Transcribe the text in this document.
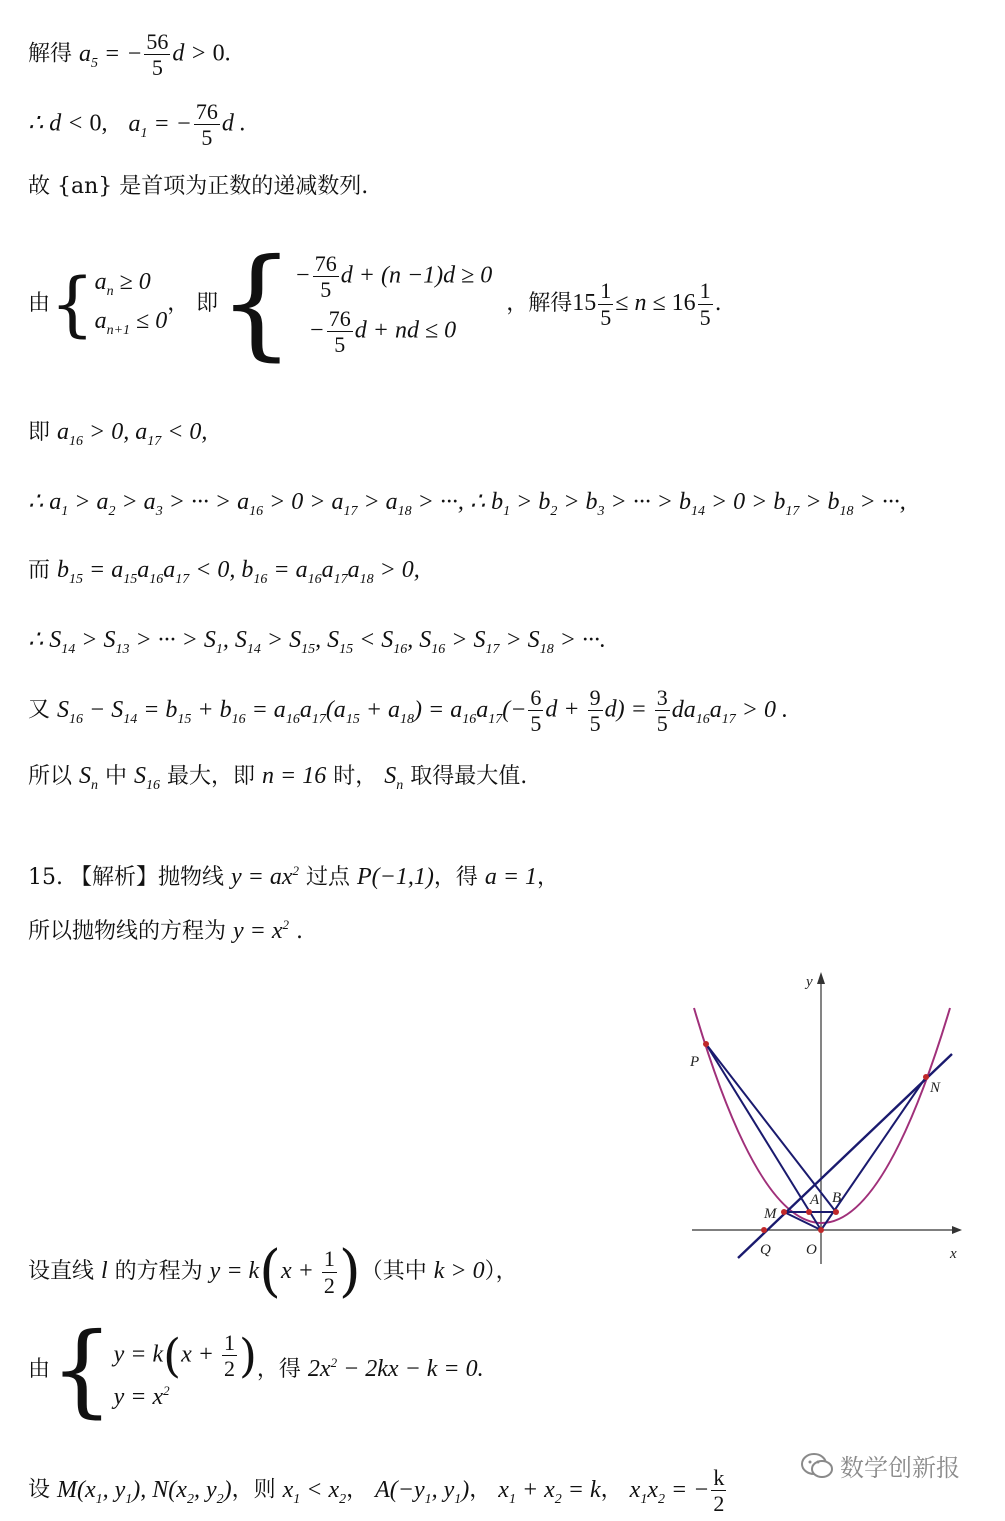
解得 $a_5$ = − $\frac{56}{5}$ d > 0.
∴ d < 0, $a_1$ = − $\frac{76}{5}$ d .
故 {an} 是首项为正数的递减数列.
由{ $a_n \ge 0$
$a_{n+1} \le 0$
， 即{ − $\frac{76}{5}$ d + (n −1)d ≥ 0
− $\frac{76}{5}$ d + nd ≤ 0
，解得$15 \frac{1}{5} \le n \le 16 \frac{1}{5}$ .
即 $a_{16} > 0$, $a_{17} < 0$,
∴ $a_1 > a_2 > a_3$ > ··· > $a_{16} > 0 > a_{17} > a_{18}$ > ···, ∴ $b_1 > b_2 > b_3$ > ··· > $b_{14} > 0 > b_{17} > b_{18}$ > ···,
而 $b_{15} = a_{15}a_{16}a_{17} < 0$, $b_{16} = a_{16}a_{17}a_{18} > 0$,
∴ $S_{14} > S_{13}$ > ··· > $S_1$, $S_{14} > S_{15}$, $S_{15} < S_{16}$, $S_{16} > S_{17} > S_{18}$ > ···.
又 $S_{16} - S_{14} = b_{15} + b_{16} = a_{16}a_{17}(a_{15} + a_{18}) = a_{16}a_{17}(- \frac{6}{5}$ $d + \frac{9}{5} d) = \frac{3}{5} da_{16}a_{17} > 0$ .
所以 $S_n$ 中 $S_{16}$ 最大，即 n = 16 时， $S_n$ 取得最大值.
15. 【解析】抛物线 $y = ax^2$ 过点 P(−1,1)，得 a = 1，
所以抛物线的方程为 $y = x^2$ .
设直线 l 的方程为 $y = k(x + \frac{1}{2}$ )（其中 k > 0），
由{ $y = k(x + \frac{1}{2}$ )
$y = x^2$
，得 $2x^2 - 2kx - k = 0$.
设 $M(x_1$, $y_1$), $N(x_2$, $y_2$)，则 $x_1 < x_2$， $A(-y_1$, $y_1$)， $x_1 + x_2 = k$， $x_1x_2$ = − $\frac{k}{2}$
y
x
P
N
A B
M
Q O
数学创新报
